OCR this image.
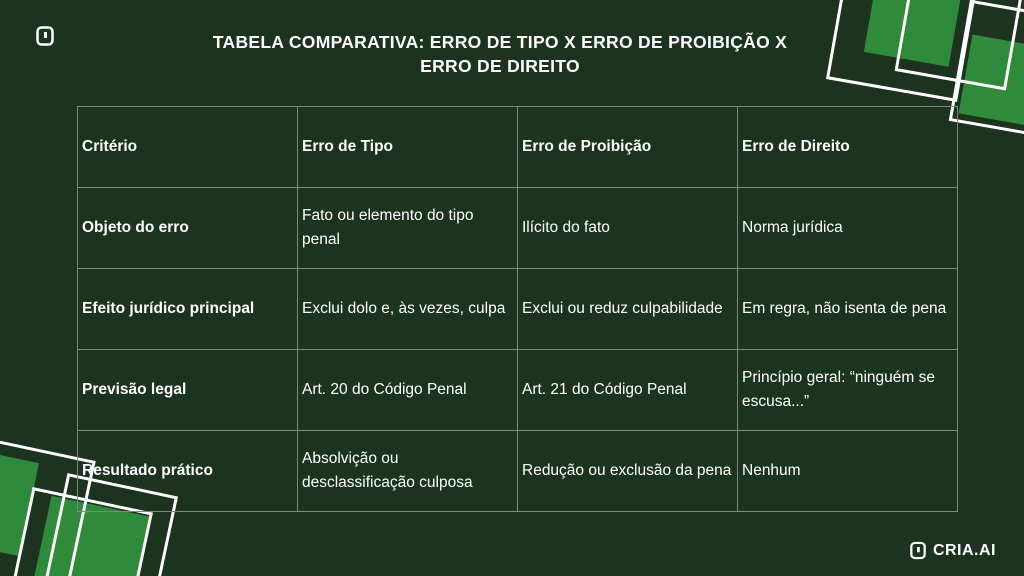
TABELA COMPARATIVA: ERRO DE TIPO X ERRO DE PROIBIÇÃO X ERRO DE DIREITO
Critério	Erro de Tipo	Erro de Proibição	Erro de Direito
Objeto do erro	Fato ou elemento do tipo penal	Ilícito do fato	Norma jurídica
Efeito jurídico principal	Exclui dolo e, às vezes, culpa	Exclui ou reduz culpabilidade	Em regra, não isenta de pena
Previsão legal	Art. 20 do Código Penal	Art. 21 do Código Penal	Princípio geral: “ninguém se escusa...”
Resultado prático	Absolvição ou desclassificação culposa	Redução ou exclusão da pena	Nenhum
CRIA.AI
